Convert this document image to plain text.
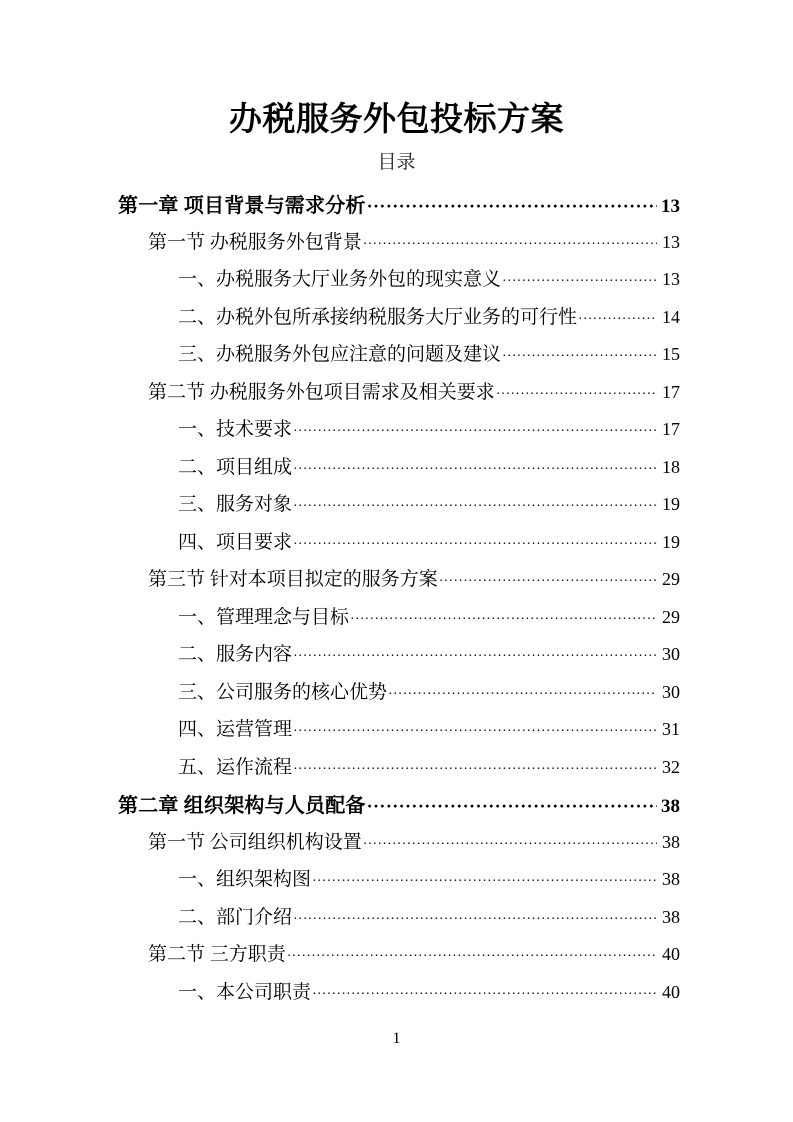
办税服务外包投标方案
目录
第一章 项目背景与需求分析 ·····	13
第一节 办税服务外包背景 ·····	13
一、办税服务大厅业务外包的现实意义 ·····	13
二、办税外包所承接纳税服务大厅业务的可行性 ·····	14
三、办税服务外包应注意的问题及建议 ·····	15
第二节 办税服务外包项目需求及相关要求 ·····	17
一、技术要求 ·····	17
二、项目组成 ·····	18
三、服务对象 ·····	19
四、项目要求 ·····	19
第三节 针对本项目拟定的服务方案 ·····	29
一、管理理念与目标 ·····	29
二、服务内容 ·····	30
三、公司服务的核心优势 ·····	30
四、运营管理 ·····	31
五、运作流程 ·····	32
第二章 组织架构与人员配备 ·····	38
第一节 公司组织机构设置 ·····	38
一、组织架构图 ·····	38
二、部门介绍 ·····	38
第二节 三方职责 ·····	40
一、本公司职责 ·····	40
1
